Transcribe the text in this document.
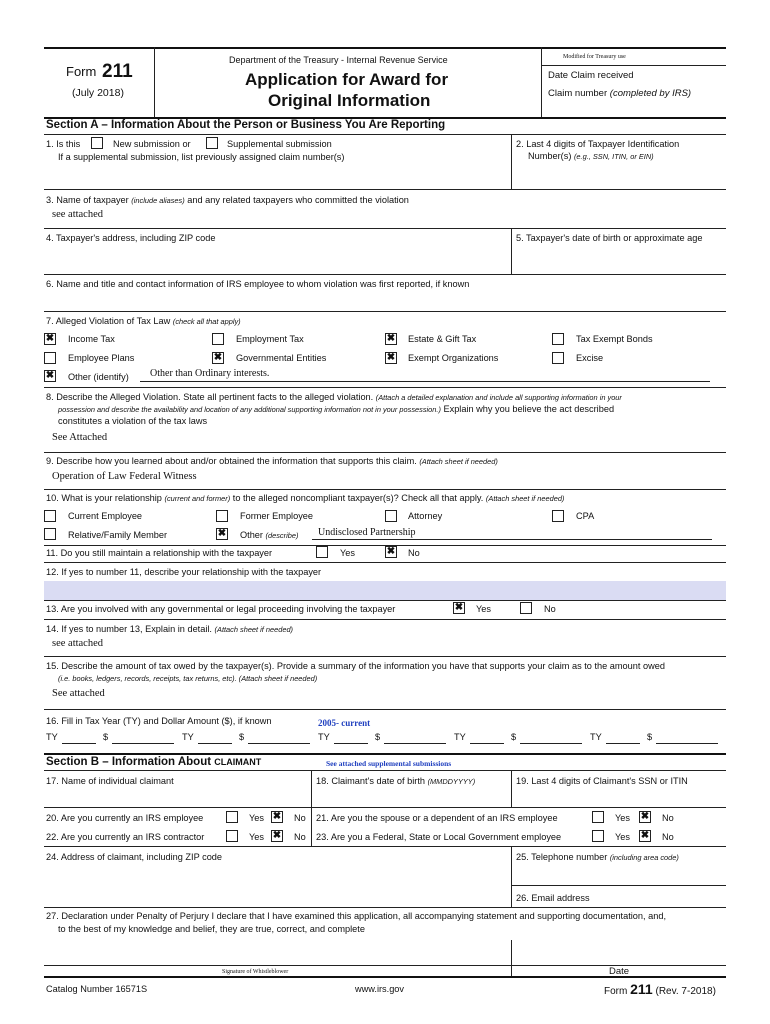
Form 211
(July 2018)
Department of the Treasury - Internal Revenue Service
Application for Award for
Original Information
Modified for Treasury use
Date Claim received
Claim number (completed by IRS)
Section A – Information About the Person or Business You Are Reporting
1. Is this	New submission or	Supplemental submission
If a supplemental submission, list previously assigned claim number(s)
2. Last 4 digits of Taxpayer Identification
Number(s) (e.g., SSN, ITIN, or EIN)
3. Name of taxpayer (include aliases) and any related taxpayers who committed the violation
see attached
4. Taxpayer's address, including ZIP code	5. Taxpayer's date of birth or approximate age
6. Name and title and contact information of IRS employee to whom violation was first reported, if known
7. Alleged Violation of Tax Law (check all that apply)
✖ Income Tax	Employment Tax	✖ Estate & Gift Tax	Tax Exempt Bonds
Employee Plans	✖ Governmental Entities	✖ Exempt Organizations	Excise
✖ Other (identify) Other than Ordinary interests.
8. Describe the Alleged Violation. State all pertinent facts to the alleged violation. (Attach a detailed explanation and include all supporting information in your
possession and describe the availability and location of any additional supporting information not in your possession.) Explain why you believe the act described
constitutes a violation of the tax laws
See Attached
9. Describe how you learned about and/or obtained the information that supports this claim. (Attach sheet if needed)
Operation of Law Federal Witness
10. What is your relationship (current and former) to the alleged noncompliant taxpayer(s)? Check all that apply. (Attach sheet if needed)
Current Employee	Former Employee	Attorney	CPA
Relative/Family Member	✖ Other (describe) Undisclosed Partnership
11. Do you still maintain a relationship with the taxpayer	Yes	✖ No
12. If yes to number 11, describe your relationship with the taxpayer
13. Are you involved with any governmental or legal proceeding involving the taxpayer	✖ Yes	No
14. If yes to number 13, Explain in detail. (Attach sheet if needed)
see attached
15. Describe the amount of tax owed by the taxpayer(s). Provide a summary of the information you have that supports your claim as to the amount owed
(i.e. books, ledgers, records, receipts, tax returns, etc). (Attach sheet if needed)
See attached
16. Fill in Tax Year (TY) and Dollar Amount ($), if known	2005- current
TY	$	TY	$	TY	$	TY	$	TY	$
Section B – Information About CLAIMANT	See attached supplemental submissions
17. Name of individual claimant	18. Claimant's date of birth (MMDDYYYY)	19. Last 4 digits of Claimant's SSN or ITIN
20. Are you currently an IRS employee	Yes ✖ No 21. Are you the spouse or a dependent of an IRS employee	Yes ✖ No
22. Are you currently an IRS contractor	Yes ✖ No 23. Are you a Federal, State or Local Government employee	Yes ✖ No
24. Address of claimant, including ZIP code	25. Telephone number (including area code)
26. Email address
27. Declaration under Penalty of Perjury I declare that I have examined this application, all accompanying statement and supporting documentation, and,
to the best of my knowledge and belief, they are true, correct, and complete
Signature of Whistleblower	Date
Catalog Number 16571S	www.irs.gov	Form 211 (Rev. 7-2018)
